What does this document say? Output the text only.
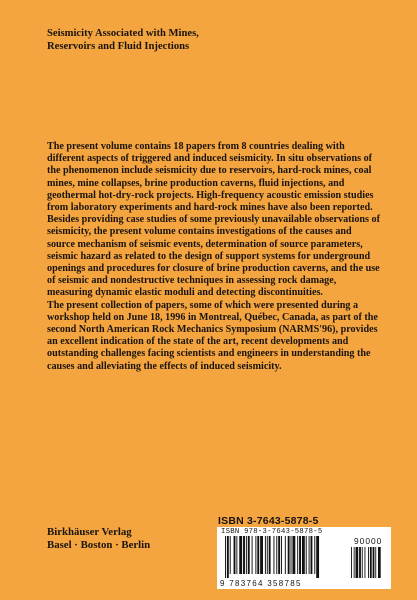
Seismicity Associated with Mines,
Reservoirs and Fluid Injections

The present volume contains 18 papers from 8 countries dealing with different aspects of triggered and induced seismicity. In situ observations of the phenomenon include seismicity due to reservoirs, hard-rock mines, coal mines, mine collapses, brine production caverns, fluid injections, and geothermal hot-dry-rock projects. High-frequency acoustic emission studies from laboratory experiments and hard-rock mines have also been reported.

Besides providing case studies of some previously unavailable observations of seismicity, the present volume contains investigations of the causes and source mechanism of seismic events, determination of source parameters, seismic hazard as related to the design of support systems for underground openings and procedures for closure of brine production caverns, and the use of seismic and nondestructive techniques in assessing rock damage, measuring dynamic elastic moduli and detecting discontinuities.

The present collection of papers, some of which were presented during a workshop held on June 18, 1996 in Montreal, Québec, Canada, as part of the second North American Rock Mechanics Symposium (NARMS'96), provides an excellent indication of the state of the art, recent developments and outstanding challenges facing scientists and engineers in understanding the causes and alleviating the effects of induced seismicity.

ISBN 3-7643-5878-5
Birkhäuser Verlag
Basel · Boston · Berlin
ISBN 978-3-7643-5878-5
90000
9 783764 358785
